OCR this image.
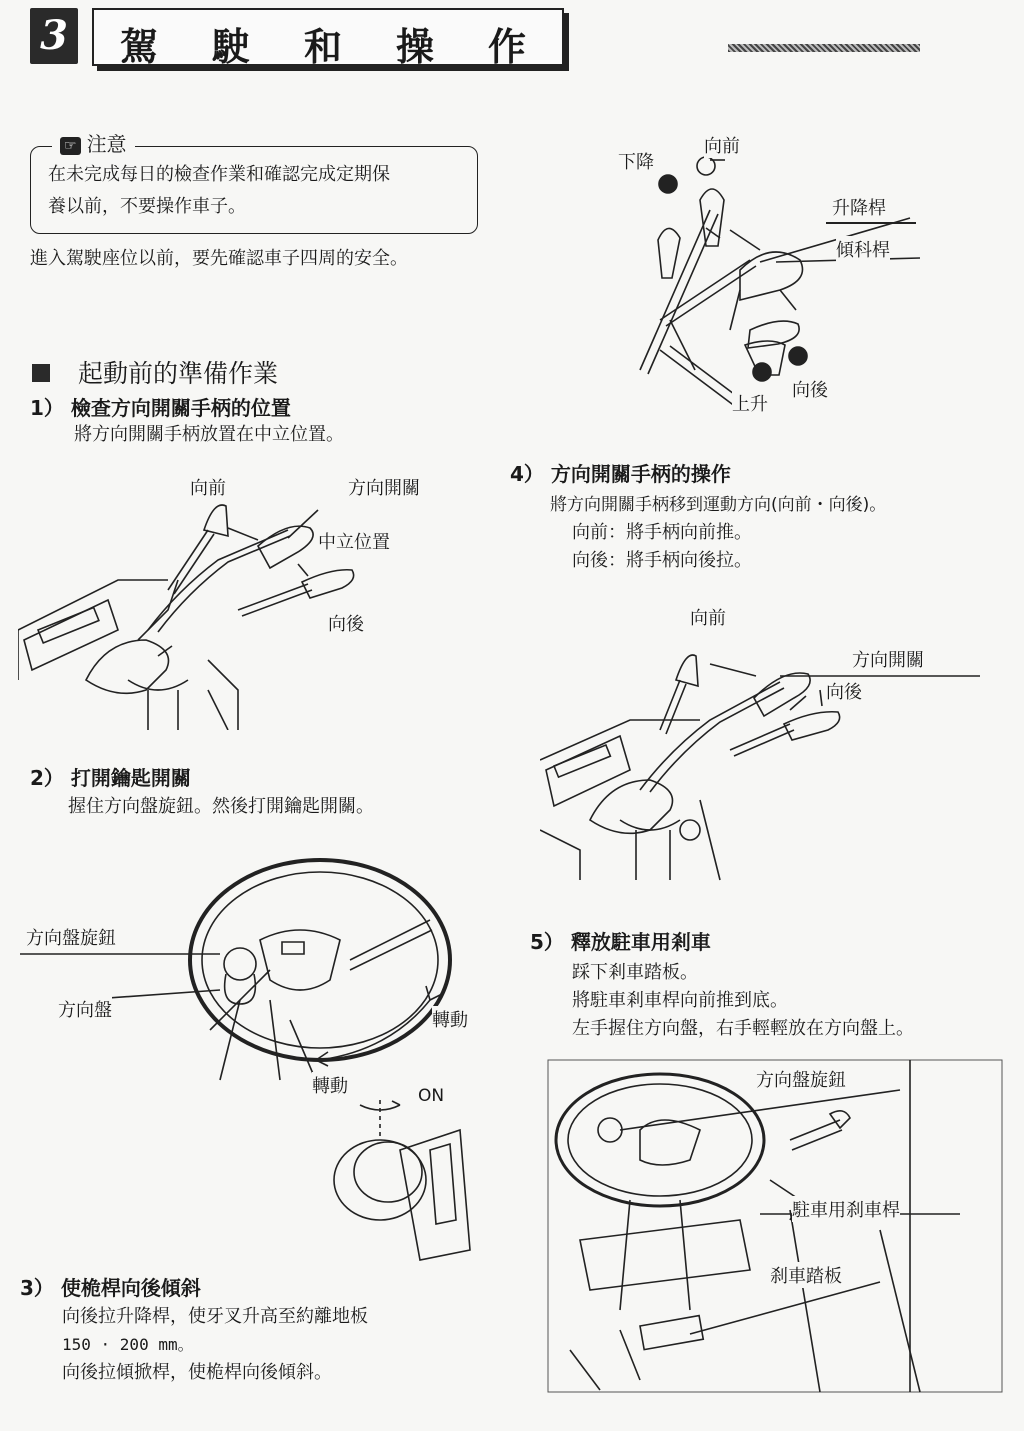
3 駕 駛 和 操 作
☞ 注意
在未完成每日的檢查作業和確認完成定期保
養以前，不要操作車子。
進入駕駛座位以前，要先確認車子四周的安全。
起動前的準備作業
1） 檢查方向開關手柄的位置
將方向開關手柄放置在中立位置。
2） 打開鑰匙開關
握住方向盤旋鈕。然後打開鑰匙開關。
3） 使桅桿向後傾斜
向後拉升降桿，使牙叉升高至約離地板
150 · 200 mm。
向後拉傾掀桿，使桅桿向後傾斜。
4） 方向開關手柄的操作
將方向開關手柄移到運動方向(向前・向後)。
向前：將手柄向前推。
向後：將手柄向後拉。
5） 釋放駐車用剎車
踩下剎車踏板。
將駐車剎車桿向前推到底。
左手握住方向盤，右手輕輕放在方向盤上。
下降
向前
升降桿
傾科桿
向後
上升
向前	方向開關
中立位置
向後	向前
方向開關
向後
方向盤旋鈕
方向盤	轉動
轉動	ON
方向盤旋鈕
駐車用刹車桿
刹車踏板
